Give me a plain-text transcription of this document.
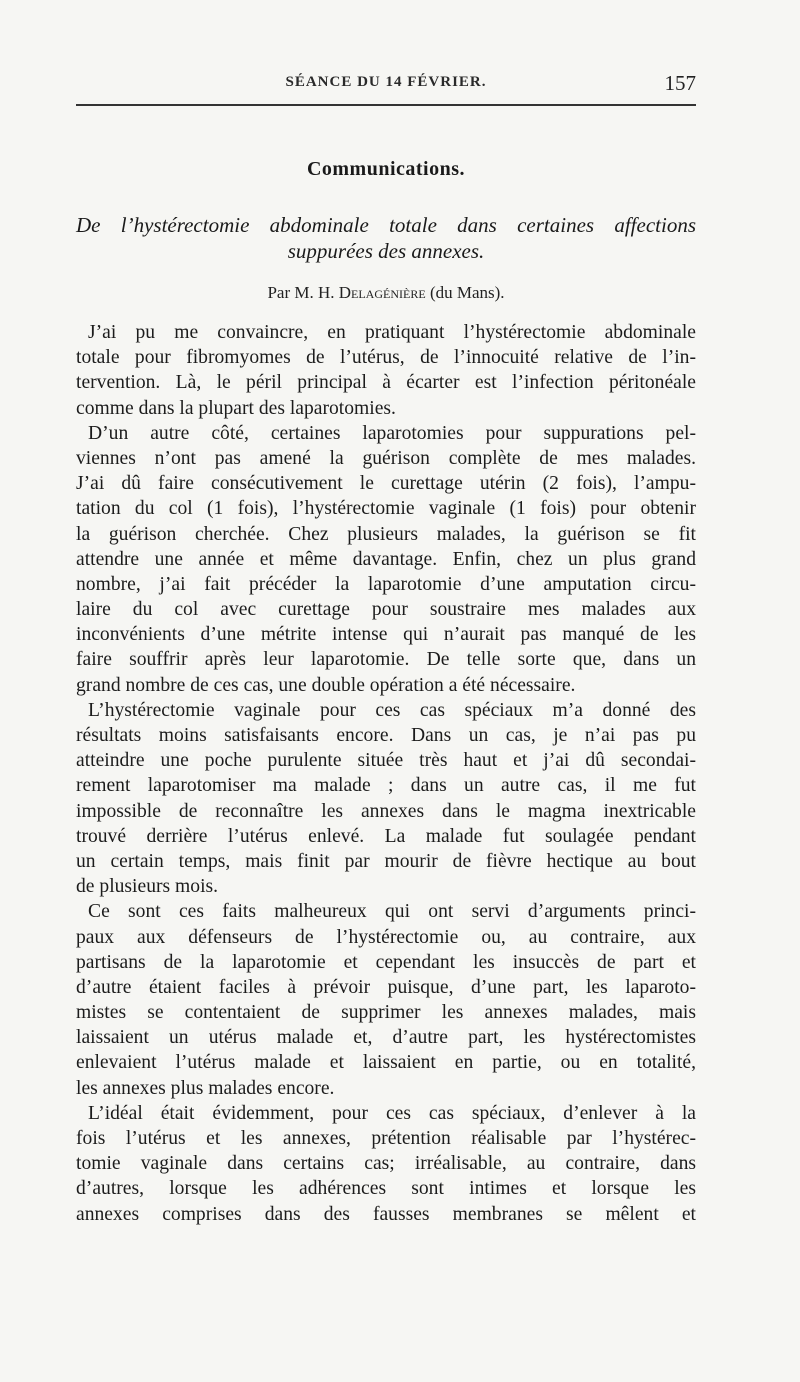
SÉANCE DU 14 FÉVRIER.	157
Communications.
De l’hystérectomie abdominale totale dans certaines affections
suppurées des annexes.
Par M. H. Delagénière (du Mans).
J’ai pu me convaincre, en pratiquant l’hystérectomie abdominale
totale pour fibromyomes de l’utérus, de l’innocuité relative de l’in-
tervention. Là, le péril principal à écarter est l’infection péritonéale
comme dans la plupart des laparotomies.
D’un autre côté, certaines laparotomies pour suppurations pel-
viennes n’ont pas amené la guérison complète de mes malades.
J’ai dû faire consécutivement le curettage utérin (2 fois), l’ampu-
tation du col (1 fois), l’hystérectomie vaginale (1 fois) pour obtenir
la guérison cherchée. Chez plusieurs malades, la guérison se fit
attendre une année et même davantage. Enfin, chez un plus grand
nombre, j’ai fait précéder la laparotomie d’une amputation circu-
laire du col avec curettage pour soustraire mes malades aux
inconvénients d’une métrite intense qui n’aurait pas manqué de les
faire souffrir après leur laparotomie. De telle sorte que, dans un
grand nombre de ces cas, une double opération a été nécessaire.
L’hystérectomie vaginale pour ces cas spéciaux m’a donné des
résultats moins satisfaisants encore. Dans un cas, je n’ai pas pu
atteindre une poche purulente située très haut et j’ai dû secondai-
rement laparotomiser ma malade ; dans un autre cas, il me fut
impossible de reconnaître les annexes dans le magma inextricable
trouvé derrière l’utérus enlevé. La malade fut soulagée pendant
un certain temps, mais finit par mourir de fièvre hectique au bout
de plusieurs mois.
Ce sont ces faits malheureux qui ont servi d’arguments princi-
paux aux défenseurs de l’hystérectomie ou, au contraire, aux
partisans de la laparotomie et cependant les insuccès de part et
d’autre étaient faciles à prévoir puisque, d’une part, les laparoto-
mistes se contentaient de supprimer les annexes malades, mais
laissaient un utérus malade et, d’autre part, les hystérectomistes
enlevaient l’utérus malade et laissaient en partie, ou en totalité,
les annexes plus malades encore.
L’idéal était évidemment, pour ces cas spéciaux, d’enlever à la
fois l’utérus et les annexes, prétention réalisable par l’hystérec-
tomie vaginale dans certains cas; irréalisable, au contraire, dans
d’autres, lorsque les adhérences sont intimes et lorsque les
annexes comprises dans des fausses membranes se mêlent et
